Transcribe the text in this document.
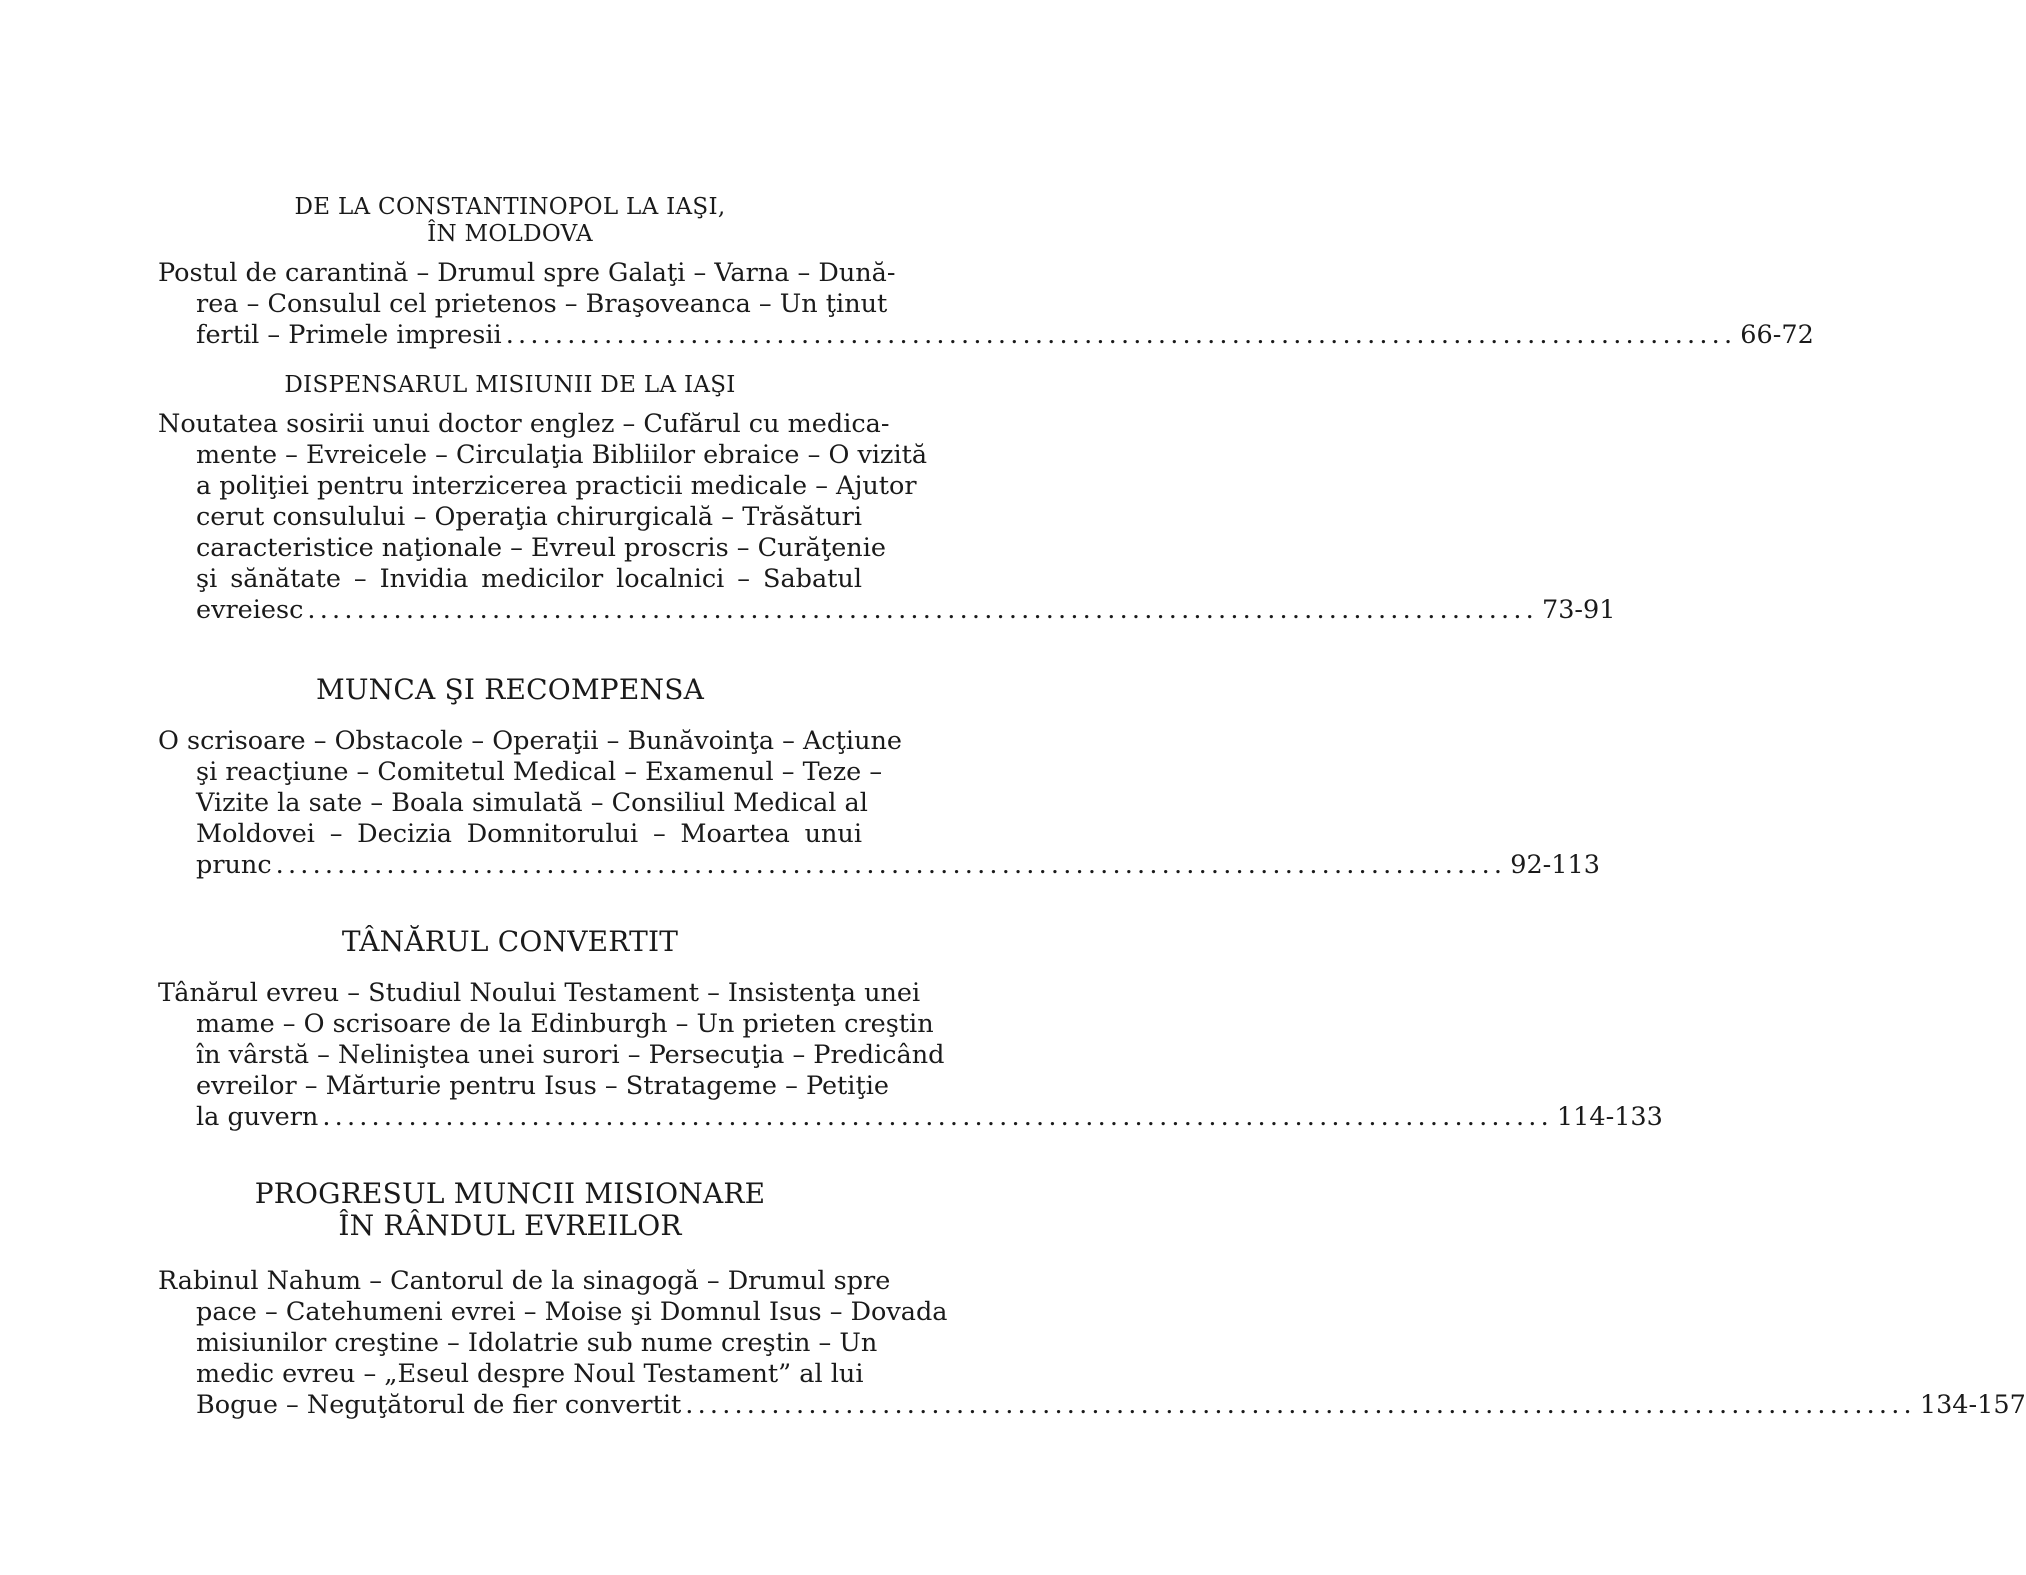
DE LA CONSTANTINOPOL LA IAŞI,
ÎN MOLDOVA
Postul de carantină – Drumul spre Galaţi – Varna – Dună-
rea – Consulul cel prietenos – Braşoveanca – Un ţinut
fertil – Primele impresii .................................................................................................... 66-72
DISPENSARUL MISIUNII DE LA IAŞI
Noutatea sosirii unui doctor englez – Cufărul cu medica-
mente – Evreicele – Circulaţia Bibliilor ebraice – O vizită
a poliţiei pentru interzicerea practicii medicale – Ajutor
cerut consulului – Operaţia chirurgicală – Trăsături
caracteristice naţionale – Evreul proscris – Curăţenie
şi sănătate – Invidia medicilor localnici – Sabatul
evreiesc .................................................................................................... 73-91
MUNCA ŞI RECOMPENSA
O scrisoare – Obstacole – Operaţii – Bunăvoinţa – Acţiune
şi reacţiune – Comitetul Medical – Examenul – Teze –
Vizite la sate – Boala simulată – Consiliul Medical al
Moldovei – Decizia Domnitorului – Moartea unui
prunc .................................................................................................... 92-113
TÂNĂRUL CONVERTIT
Tânărul evreu – Studiul Noului Testament – Insistenţa unei
mame – O scrisoare de la Edinburgh – Un prieten creştin
în vârstă – Neliniştea unei surori – Persecuţia – Predicând
evreilor – Mărturie pentru Isus – Stratageme – Petiţie
la guvern .................................................................................................... 114-133
PROGRESUL MUNCII MISIONARE
ÎN RÂNDUL EVREILOR
Rabinul Nahum – Cantorul de la sinagogă – Drumul spre
pace – Catehumeni evrei – Moise şi Domnul Isus – Dovada
misiunilor creştine – Idolatrie sub nume creştin – Un
medic evreu – „Eseul despre Noul Testament” al lui
Bogue – Neguţătorul de fier convertit .................................................................................................... 134-157
